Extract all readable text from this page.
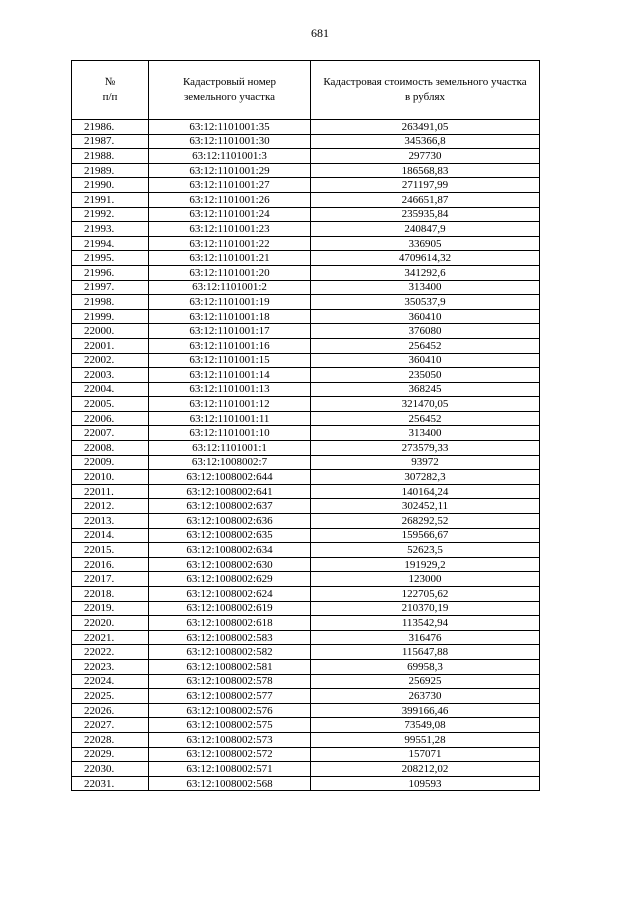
681
№
п/п	Кадастровый номер земельного участка	Кадастровая стоимость земельного участка в рублях
21986.	63:12:1101001:35	263491,05
21987.	63:12:1101001:30	345366,8
21988.	63:12:1101001:3	297730
21989.	63:12:1101001:29	186568,83
21990.	63:12:1101001:27	271197,99
21991.	63:12:1101001:26	246651,87
21992.	63:12:1101001:24	235935,84
21993.	63:12:1101001:23	240847,9
21994.	63:12:1101001:22	336905
21995.	63:12:1101001:21	4709614,32
21996.	63:12:1101001:20	341292,6
21997.	63:12:1101001:2	313400
21998.	63:12:1101001:19	350537,9
21999.	63:12:1101001:18	360410
22000.	63:12:1101001:17	376080
22001.	63:12:1101001:16	256452
22002.	63:12:1101001:15	360410
22003.	63:12:1101001:14	235050
22004.	63:12:1101001:13	368245
22005.	63:12:1101001:12	321470,05
22006.	63:12:1101001:11	256452
22007.	63:12:1101001:10	313400
22008.	63:12:1101001:1	273579,33
22009.	63:12:1008002:7	93972
22010.	63:12:1008002:644	307282,3
22011.	63:12:1008002:641	140164,24
22012.	63:12:1008002:637	302452,11
22013.	63:12:1008002:636	268292,52
22014.	63:12:1008002:635	159566,67
22015.	63:12:1008002:634	52623,5
22016.	63:12:1008002:630	191929,2
22017.	63:12:1008002:629	123000
22018.	63:12:1008002:624	122705,62
22019.	63:12:1008002:619	210370,19
22020.	63:12:1008002:618	113542,94
22021.	63:12:1008002:583	316476
22022.	63:12:1008002:582	115647,88
22023.	63:12:1008002:581	69958,3
22024.	63:12:1008002:578	256925
22025.	63:12:1008002:577	263730
22026.	63:12:1008002:576	399166,46
22027.	63:12:1008002:575	73549,08
22028.	63:12:1008002:573	99551,28
22029.	63:12:1008002:572	157071
22030.	63:12:1008002:571	208212,02
22031.	63:12:1008002:568	109593
